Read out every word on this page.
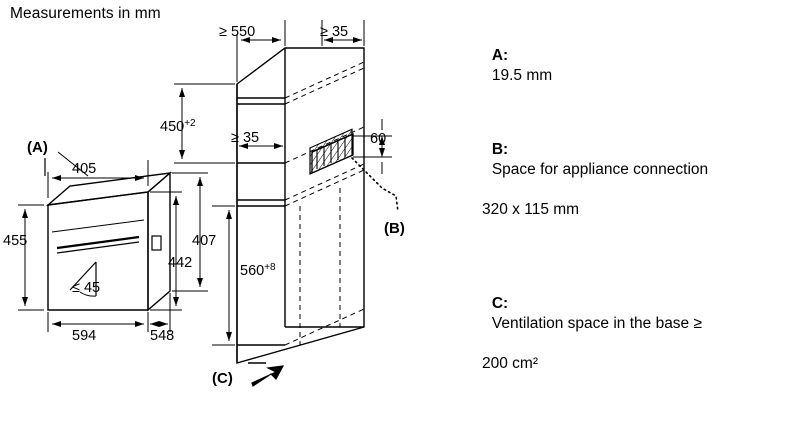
Measurements in mm
(A)
405
455
≤ 45
594	548
407
442
(B)
(C)
≥ 550	≥ 35
$450^{+2}$
≥ 35	60
$560^{+8}$

A:
19.5 mm

B:
Space for appliance connection

320 x 115 mm

C:
Ventilation space in the base ≥

200 cm²
